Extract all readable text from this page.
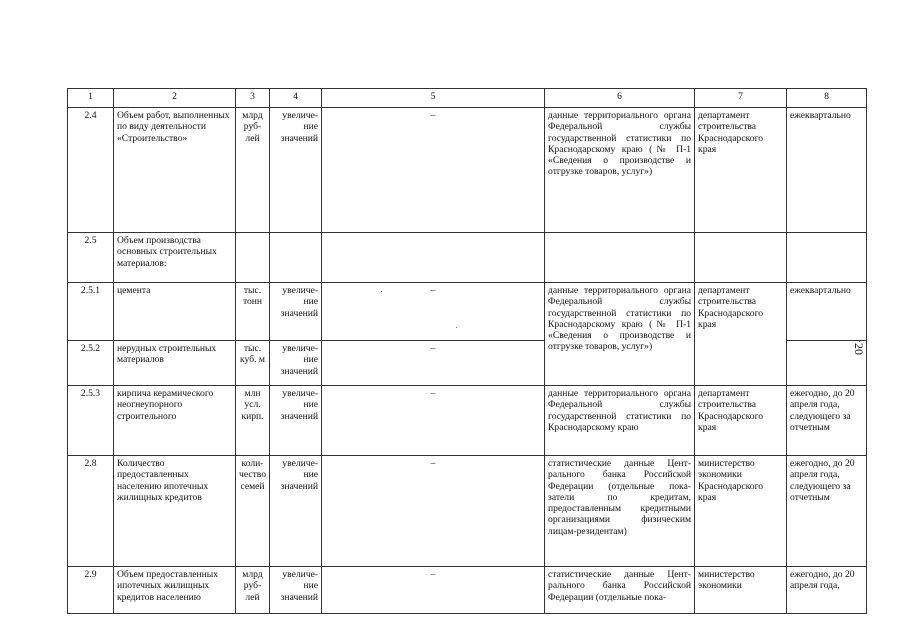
1	2	3	4	5	6	7	8
2.4	Объем работ, выполненных по виду деятельности «Строительство»	млрд руб-лей	увеличе-ние значений	–	данные территориального органа Федеральной службы государственной статистики по Краснодарскому краю (№ П-1 «Сведения о производстве и отгрузке товаров, услуг»)	департамент строительства Краснодарского края	ежеквартально
2.5	Объем производства основных строительных материалов:						
2.5.1	цемента	тыс. тонн	увеличе-ние значений	–	данные территориального органа Федеральной службы государственной статистики по Краснодарскому краю (№ П-1 «Сведения о производстве и отгрузке товаров, услуг»)	департамент строительства Краснодарского края	ежеквартально
2.5.2	нерудных строительных материалов	тыс. куб. м	увеличе-ние значений	–			
2.5.3	кирпича керамического неогнеупорного строительного	млн усл. кирп.	увеличе-ние значений	–	данные территориального органа Федеральной службы государственной статистики по Краснодарскому краю	департамент строительства Краснодарского края	ежегодно, до 20 апреля года, следующего за отчетным
2.8	Количество предоставленных населению ипотечных жилищных кредитов	коли-чество семей	увеличе-ние значений	–	статистические данные Цент-рального банка Российской Федерации (отдельные пока-затели по кредитам, предоставленным кредитными организациями физическим лицам-резидентам)	министерство экономики Краснодарского края	ежегодно, до 20 апреля года, следующего за отчетным
2.9	Объем предоставленных ипотечных жилищных кредитов населению	млрд руб-лей	увеличе-ние значений	–	статистические данные Цент-рального банка Российской Федерации (отдельные пока-	министерство экономики	ежегодно, до 20 апреля года,
20
